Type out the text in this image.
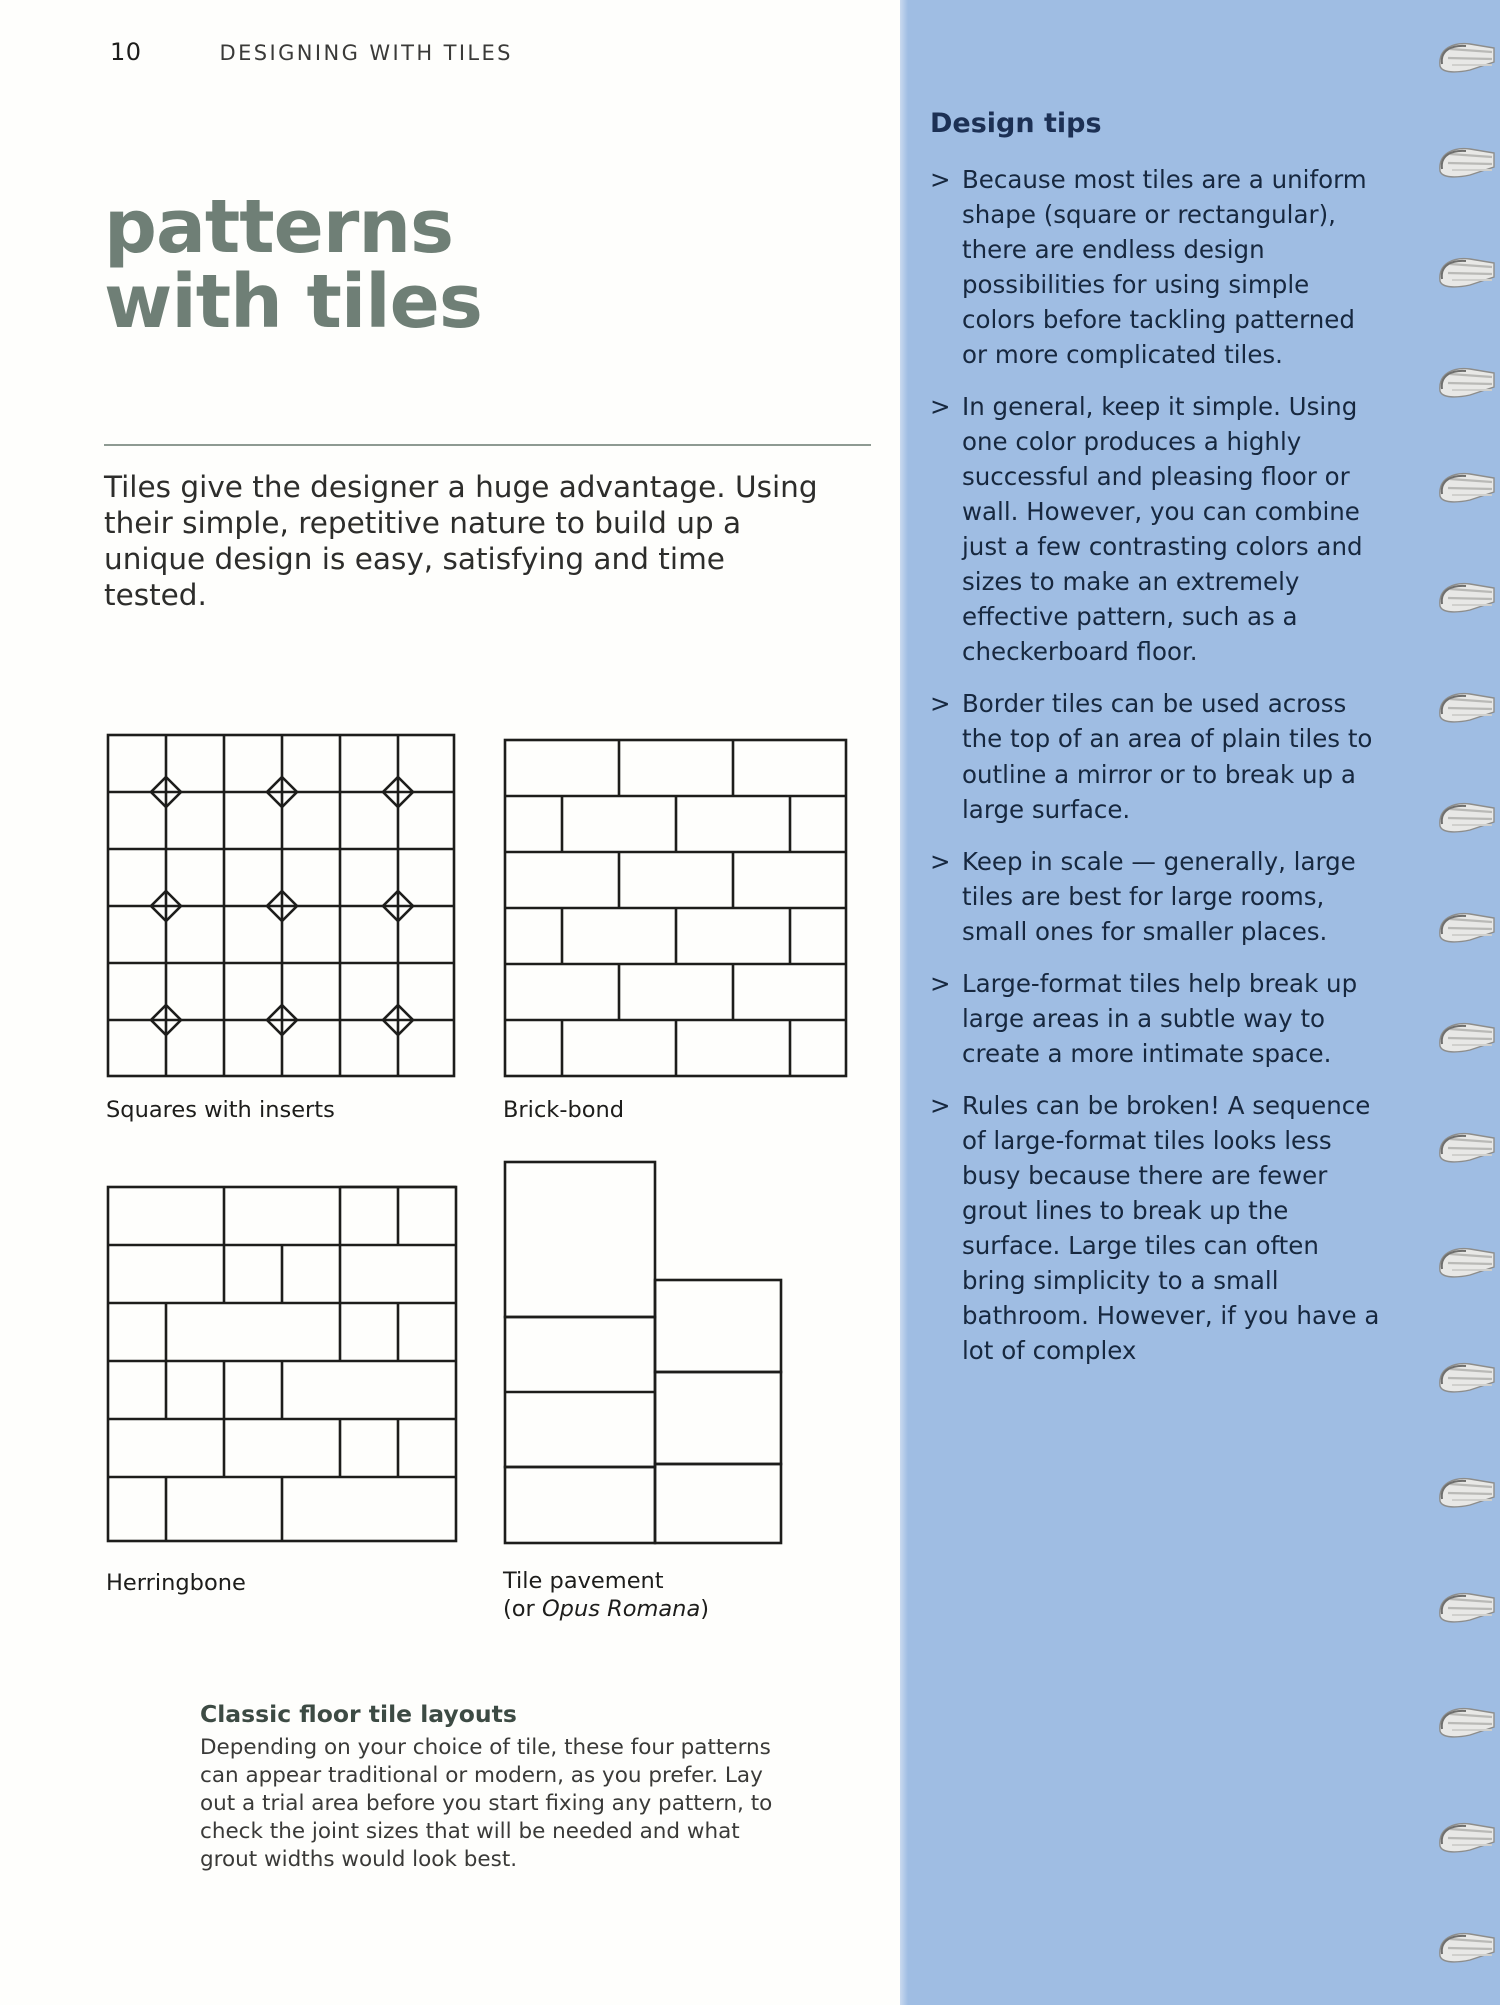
10	DESIGNING WITH TILES
patterns
with tiles
Tiles give the designer a huge advantage. Using their simple, repetitive nature to build up a unique design is easy, satisfying and time tested.
Squares with inserts	Brick-bond
Herringbone	Tile pavement
(or Opus Romana)
Classic floor tile layouts

Depending on your choice of tile, these four patterns can appear traditional or modern, as you prefer. Lay out a trial area before you start fixing any pattern, to check the joint sizes that will be needed and what grout widths would look best.

Design tips
> Because most tiles are a uniform shape (square or rectangular), there are endless design possibilities for using simple colors before tackling patterned or more complicated tiles.
> In general, keep it simple. Using one color produces a highly successful and pleasing floor or wall. However, you can combine just a few contrasting colors and sizes to make an extremely effective pattern, such as a checkerboard floor.
> Border tiles can be used across the top of an area of plain tiles to outline a mirror or to break up a large surface.
> Keep in scale — generally, large tiles are best for large rooms, small ones for smaller places.
> Large-format tiles help break up large areas in a subtle way to create a more intimate space.
> Rules can be broken! A sequence of large-format tiles looks less busy because there are fewer grout lines to break up the surface. Large tiles can often bring simplicity to a small bathroom. However, if you have a lot of complex
